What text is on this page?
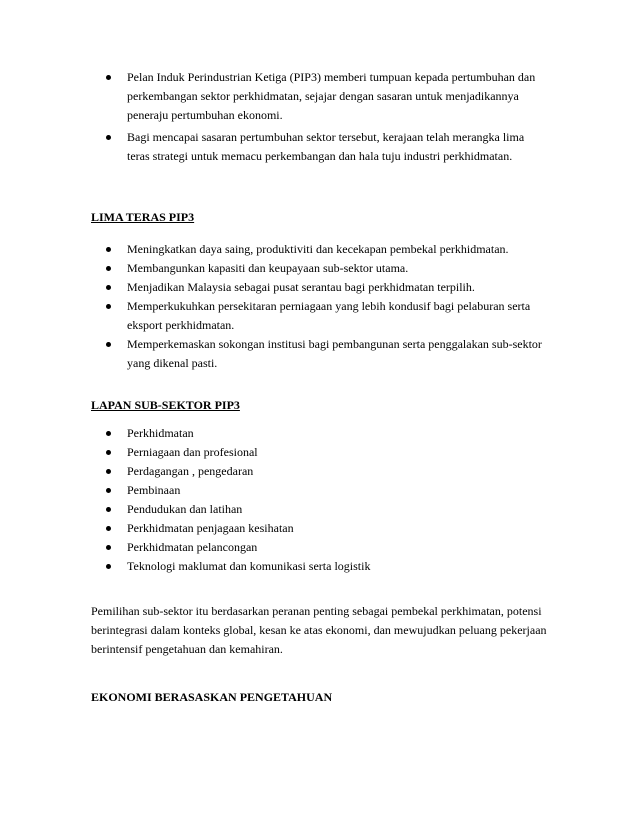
Pelan Induk Perindustrian Ketiga (PIP3) memberi tumpuan kepada pertumbuhan dan perkembangan sektor perkhidmatan, sejajar dengan sasaran untuk menjadikannya peneraju pertumbuhan ekonomi.
Bagi mencapai sasaran pertumbuhan sektor tersebut, kerajaan telah merangka lima teras strategi untuk memacu perkembangan dan hala tuju industri perkhidmatan.
LIMA TERAS PIP3
Meningkatkan daya saing, produktiviti dan kecekapan pembekal perkhidmatan.
Membangunkan kapasiti dan keupayaan sub-sektor utama.
Menjadikan Malaysia sebagai pusat serantau bagi perkhidmatan terpilih.
Memperkukuhkan persekitaran perniagaan yang lebih kondusif bagi pelaburan serta eksport perkhidmatan.
Memperkemaskan sokongan institusi bagi pembangunan serta penggalakan sub-sektor yang dikenal pasti.
LAPAN SUB-SEKTOR PIP3
Perkhidmatan
Perniagaan dan profesional
Perdagangan , pengedaran
Pembinaan
Pendudukan dan latihan
Perkhidmatan penjagaan kesihatan
Perkhidmatan pelancongan
Teknologi maklumat dan komunikasi serta logistik

Pemilihan sub-sektor itu berdasarkan peranan penting sebagai pembekal perkhimatan, potensi berintegrasi dalam konteks global, kesan ke atas ekonomi, dan mewujudkan peluang pekerjaan berintensif pengetahuan dan kemahiran.

EKONOMI BERASASKAN PENGETAHUAN
